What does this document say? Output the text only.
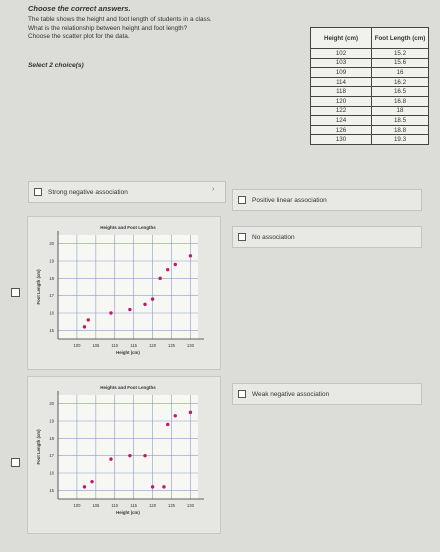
Choose the correct answers.
The table shows the height and foot length of students in a class.
What is the relationship between height and foot length?
Choose the scatter plot for the data.
Select 2 choice(s)
Height (cm)	Foot Length (cm)
102	15.2
103	15.6
109	16
114	16.2
118	16.5
120	16.8
122	18
124	18.5
126	18.8
130	19.3
Strong negative association	›
Positive linear association
No association
Weak negative association
Heights and Foot Lengths
15
16
17
18
19
20
100	105	110	115	120	125	130
Height (cm)
Foot Length (cm)
Heights and Foot Lengths
15
16
17
18
19
20
100	105	110	115	120	125	130
Height (cm)
Foot Length (cm)
